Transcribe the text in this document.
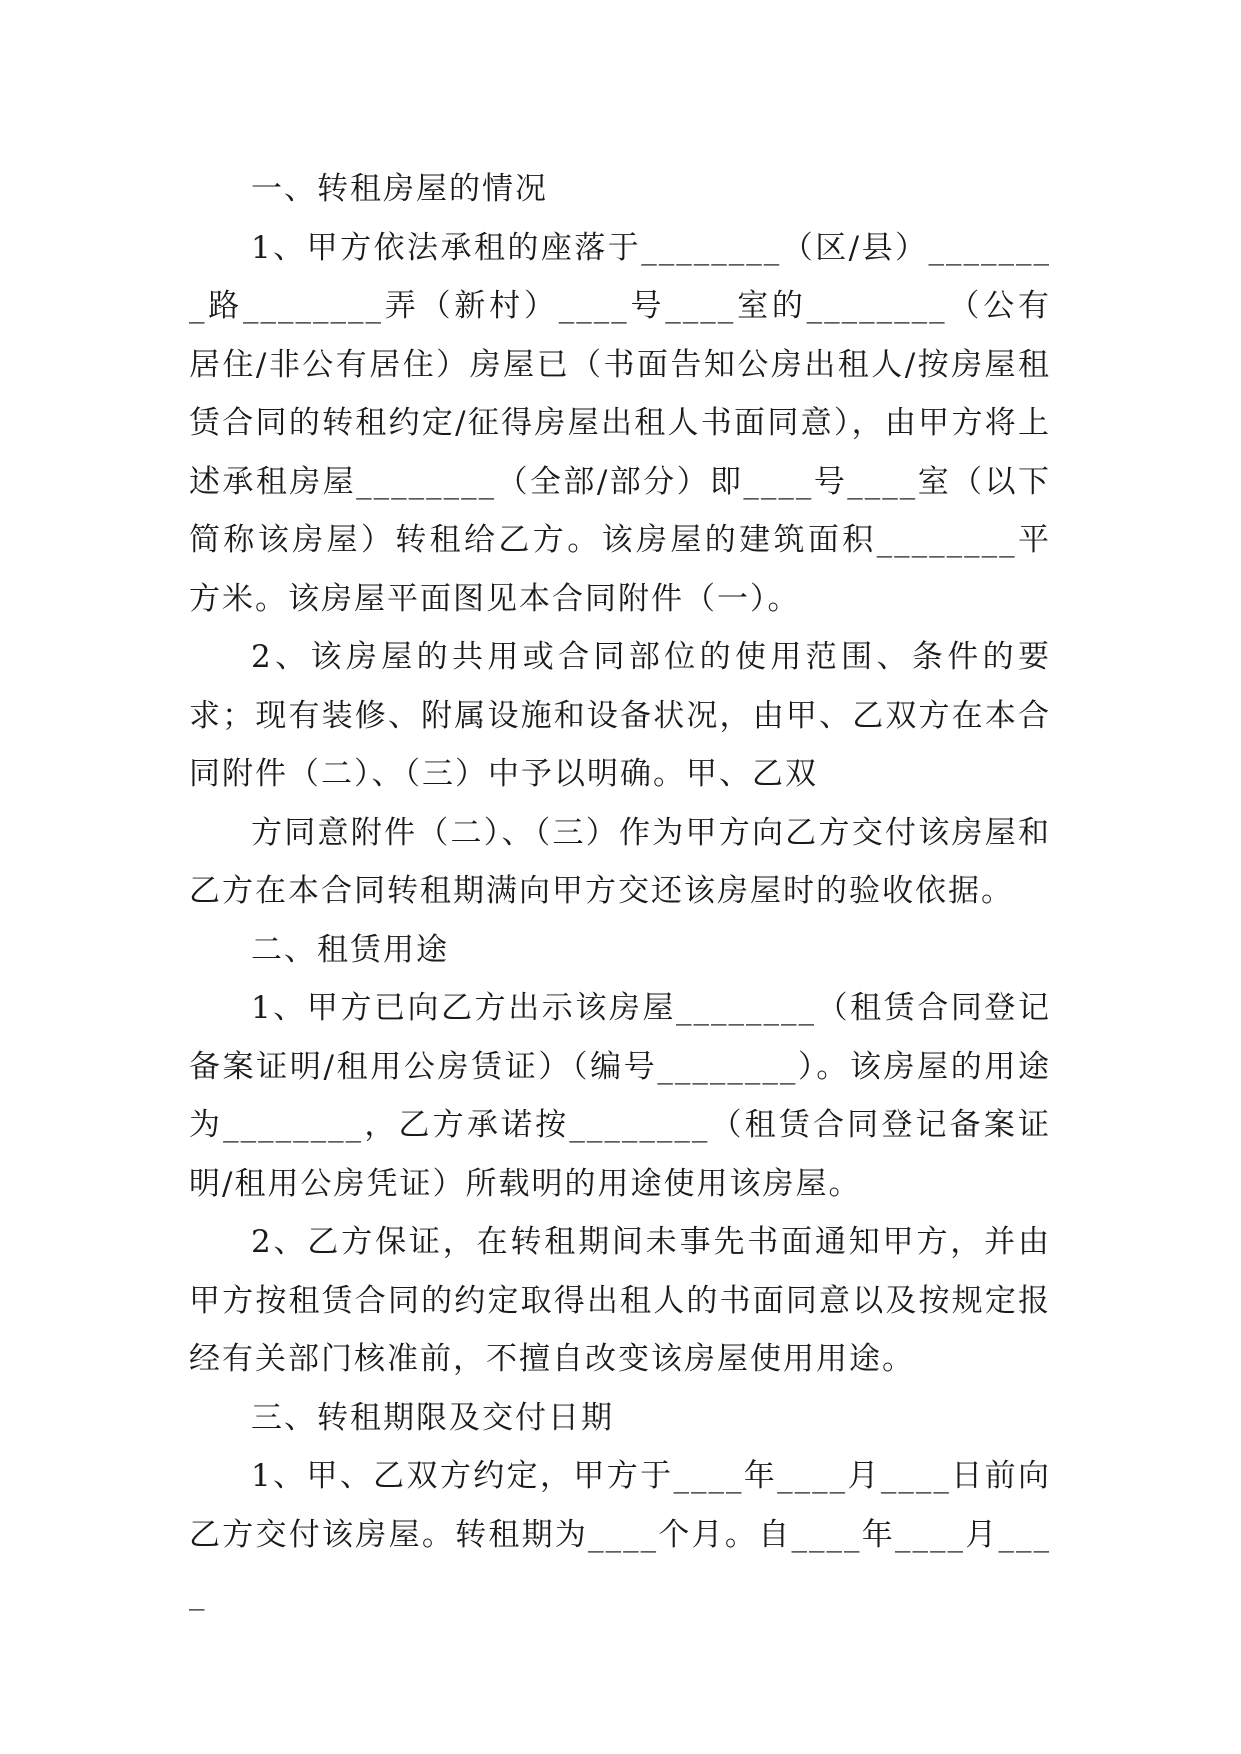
一、转租房屋的情况

1、甲方依法承租的座落于________（区/县）________路________弄（新村）____号____室的________（公有居住/非公有居住）房屋已（书面告知公房出租人/按房屋租赁合同的转租约定/征得房屋出租人书面同意），由甲方将上述承租房屋________（全部/部分）即____号____室（以下简称该房屋）转租给乙方。该房屋的建筑面积________平方米。该房屋平面图见本合同附件（一）。

2、该房屋的共用或合同部位的使用范围、条件的要求；现有装修、附属设施和设备状况，由甲、乙双方在本合同附件（二）、（三）中予以明确。甲、乙双

方同意附件（二）、（三）作为甲方向乙方交付该房屋和乙方在本合同转租期满向甲方交还该房屋时的验收依据。

二、租赁用途

1、甲方已向乙方出示该房屋________（租赁合同登记备案证明/租用公房赁证）（编号________）。该房屋的用途为________，乙方承诺按________（租赁合同登记备案证明/租用公房凭证）所载明的用途使用该房屋。

2、乙方保证，在转租期间未事先书面通知甲方，并由甲方按租赁合同的约定取得出租人的书面同意以及按规定报经有关部门核准前，不擅自改变该房屋使用用途。

三、转租期限及交付日期

1、甲、乙双方约定，甲方于____年____月____日前向乙方交付该房屋。转租期为____个月。自____年____月____
